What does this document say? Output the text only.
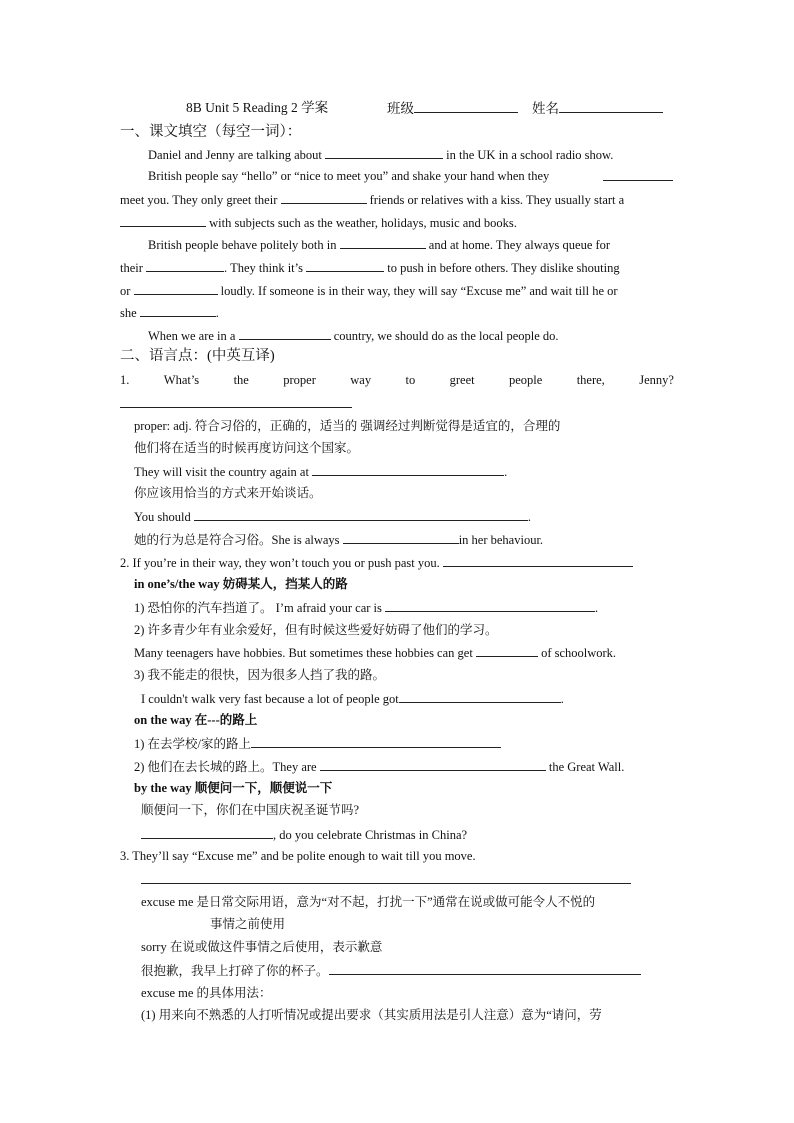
8B Unit 5 Reading 2 学案	班级	姓名
一、课文填空（每空一词）：
Daniel and Jenny are talking about	in the UK in a school radio show.
British people say “hello” or “nice to meet you” and shake your hand when they
meet you. They only greet their	friends or relatives with a kiss. They usually start a
with subjects such as the weather, holidays, music and books.
British people behave politely both in	and at home. They always queue for
their	. They think it’s	to push in before others. They dislike shouting
or	loudly. If someone is in their way, they will say “Excuse me” and wait till he or
she	.
When we are in a	country, we should do as the local people do.
二、语言点：(中英互译)
1.	What’s	the	proper	way	to	greet	people	there,	Jenny?
proper: adj. 符合习俗的，正确的，适当的 强调经过判断觉得是适宜的，合理的
他们将在适当的时候再度访问这个国家。
They will visit the country again at	.
你应该用恰当的方式来开始谈话。
You should	.
她的行为总是符合习俗。She is always	in her behaviour.
2. If you’re in their way, they won’t touch you or push past you.
in one’s/the way 妨碍某人，挡某人的路
1) 恐怕你的汽车挡道了。 I’m afraid your car is	.
2) 许多青少年有业余爱好，但有时候这些爱好妨碍了他们的学习。
Many teenagers have hobbies. But sometimes these hobbies can get	of schoolwork.
3) 我不能走的很快，因为很多人挡了我的路。
I couldn't walk very fast because a lot of people got	.
on the way 在---的路上
1) 在去学校/家的路上
2) 他们在去长城的路上。They are	the Great Wall.
by the way 顺便问一下，顺便说一下
顺便问一下，你们在中国庆祝圣诞节吗?
, do you celebrate Christmas in China?
3. They’ll say “Excuse me” and be polite enough to wait till you move.
excuse me 是日常交际用语，意为“对不起，打扰一下”通常在说或做可能令人不悦的
事情之前使用
sorry 在说或做这件事情之后使用，表示歉意
很抱歉，我早上打碎了你的杯子。
excuse me 的具体用法：
(1) 用来向不熟悉的人打听情况或提出要求（其实质用法是引人注意）意为“请问，劳
